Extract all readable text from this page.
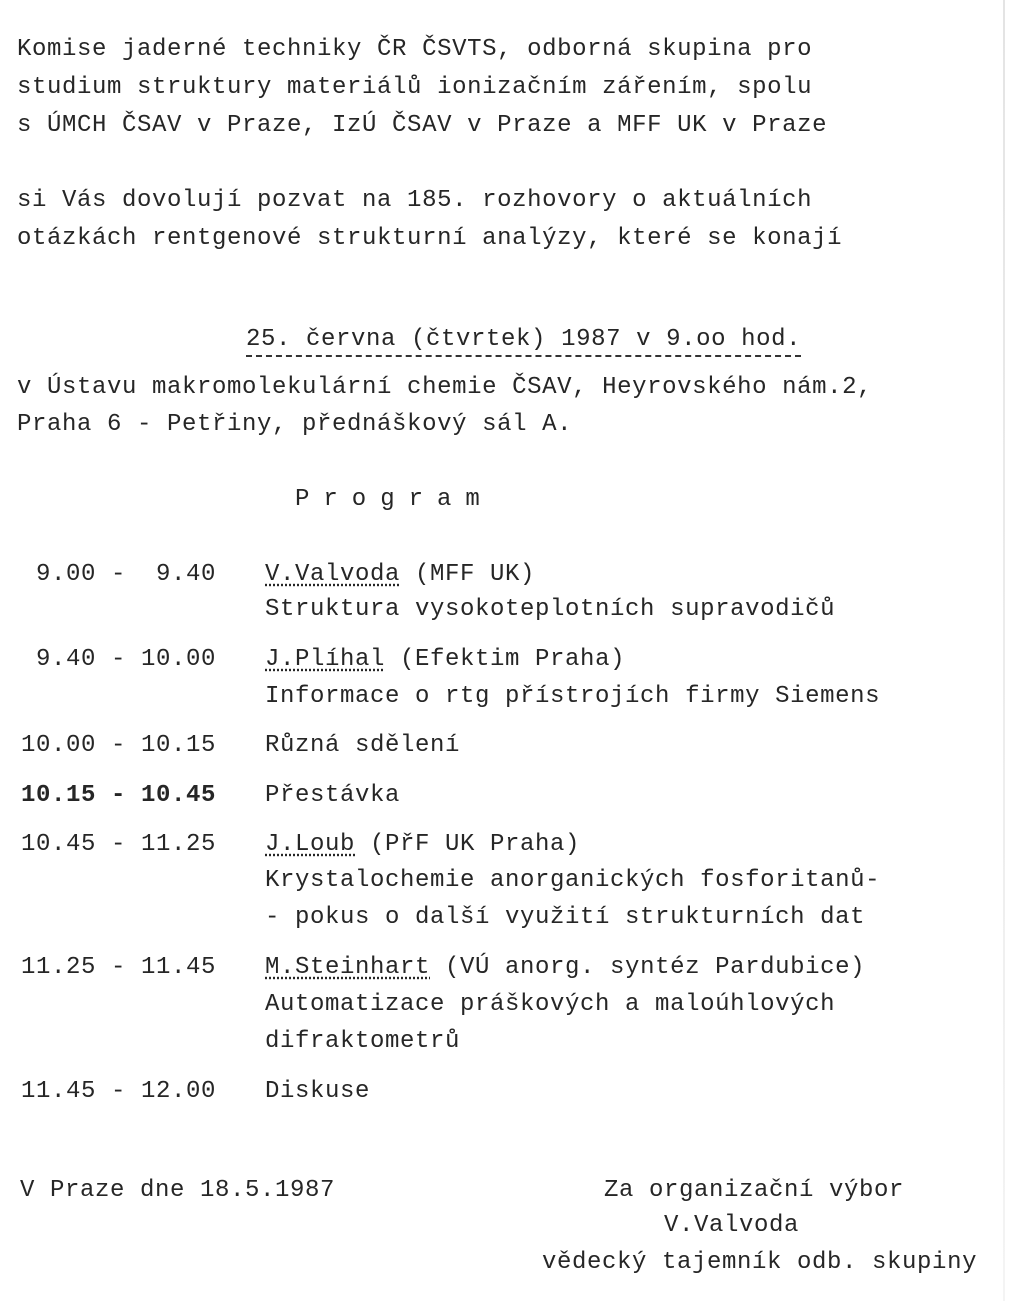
Komise jaderné techniky ČR ČSVTS, odborná skupina pro
studium struktury materiálů ionizačním zářením, spolu
s ÚMCH ČSAV v Praze, IzÚ ČSAV v Praze a MFF UK v Praze
si Vás dovolují pozvat na 185. rozhovory o aktuálních
otázkách rentgenové strukturní analýzy, které se konají

25. června (čtvrtek) 1987 v 9.oo hod.

v Ústavu makromolekulární chemie ČSAV, Heyrovského nám.2,
Praha 6 - Petřiny, přednáškový sál A.
Program
9.00 -  9.40 V.Valvoda (MFF UK)
Struktura vysokoteplotních supravodičů
9.40 - 10.00 J.Plíhal (Efektim Praha)
Informace o rtg přístrojích firmy Siemens
10.00 - 10.15 Různá sdělení
10.15 - 10.45 Přestávka
10.45 - 11.25 J.Loub (PřF UK Praha)
Krystalochemie anorganických fosforitanů-
- pokus o další využití strukturních dat
11.25 - 11.45 M.Steinhart (VÚ anorg. syntéz Pardubice)
Automatizace práškových a maloúhlových
difraktometrů
11.45 - 12.00 Diskuse
V Praze dne 18.5.1987	Za organizační výbor
V.Valvoda
vědecký tajemník odb. skupiny
